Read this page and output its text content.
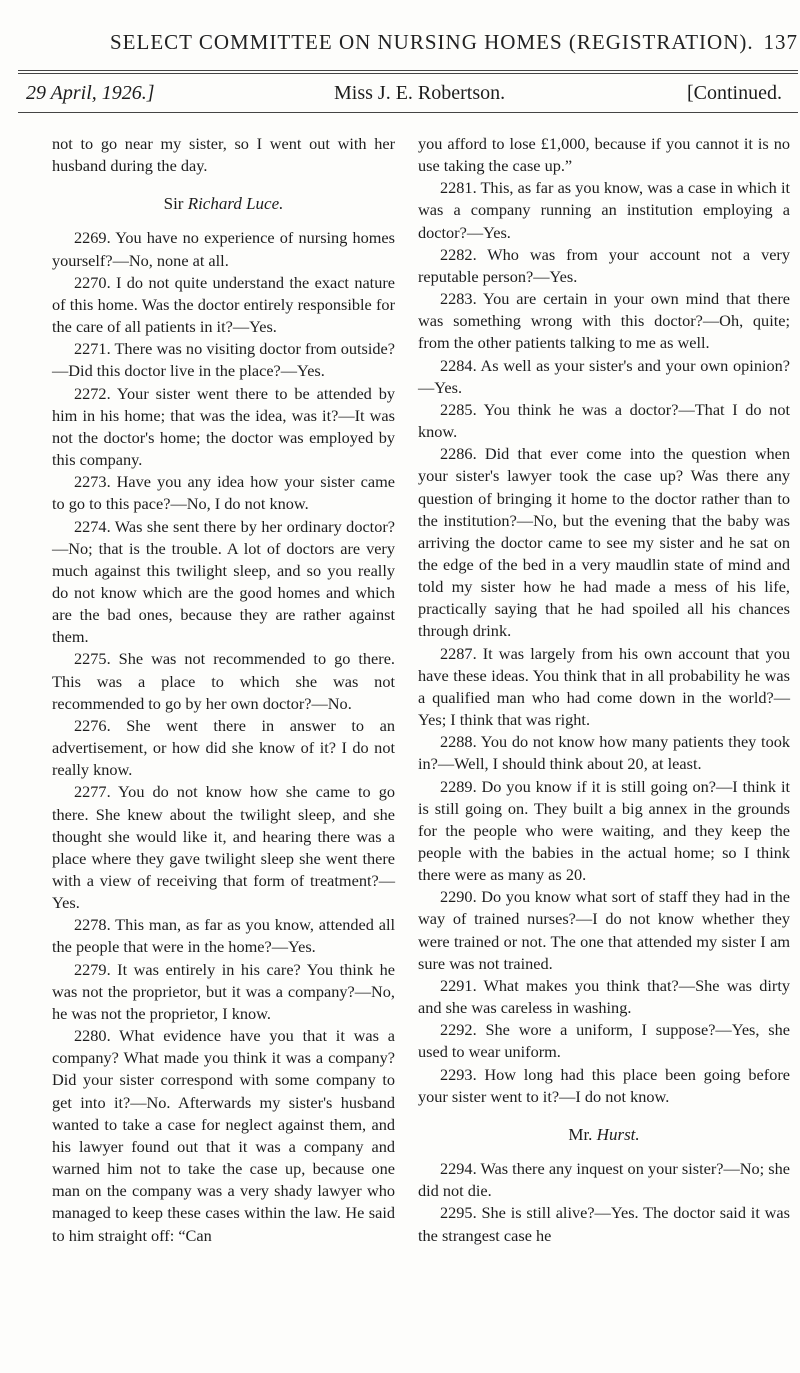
SELECT COMMITTEE ON NURSING HOMES (REGISTRATION). 137
29 April, 1926.]	Miss J. E. Robertson.	[Continued.

not to go near my sister, so I went out with her husband during the day.

Sir Richard Luce.

2269. You have no experience of nursing homes yourself?—No, none at all.

2270. I do not quite understand the exact nature of this home. Was the doctor entirely responsible for the care of all patients in it?—Yes.

2271. There was no visiting doctor from outside?—Did this doctor live in the place?—Yes.

2272. Your sister went there to be attended by him in his home; that was the idea, was it?—It was not the doctor's home; the doctor was employed by this company.

2273. Have you any idea how your sister came to go to this pace?—No, I do not know.

2274. Was she sent there by her ordinary doctor?—No; that is the trouble. A lot of doctors are very much against this twilight sleep, and so you really do not know which are the good homes and which are the bad ones, because they are rather against them.

2275. She was not recommended to go there. This was a place to which she was not recommended to go by her own doctor?—No.

2276. She went there in answer to an advertisement, or how did she know of it? I do not really know.

2277. You do not know how she came to go there. She knew about the twilight sleep, and she thought she would like it, and hearing there was a place where they gave twilight sleep she went there with a view of receiving that form of treatment?—Yes.

2278. This man, as far as you know, attended all the people that were in the home?—Yes.

2279. It was entirely in his care? You think he was not the proprietor, but it was a company?—No, he was not the proprietor, I know.

2280. What evidence have you that it was a company? What made you think it was a company? Did your sister correspond with some company to get into it?—No. Afterwards my sister's husband wanted to take a case for neglect against them, and his lawyer found out that it was a company and warned him not to take the case up, because one man on the company was a very shady lawyer who managed to keep these cases within the law. He said to him straight off: “Can

you afford to lose £1,000, because if you cannot it is no use taking the case up.”

2281. This, as far as you know, was a case in which it was a company running an institution employing a doctor?—Yes.

2282. Who was from your account not a very reputable person?—Yes.

2283. You are certain in your own mind that there was something wrong with this doctor?—Oh, quite; from the other patients talking to me as well.

2284. As well as your sister's and your own opinion?—Yes.

2285. You think he was a doctor?—That I do not know.

2286. Did that ever come into the question when your sister's lawyer took the case up? Was there any question of bringing it home to the doctor rather than to the institution?—No, but the evening that the baby was arriving the doctor came to see my sister and he sat on the edge of the bed in a very maudlin state of mind and told my sister how he had made a mess of his life, practically saying that he had spoiled all his chances through drink.

2287. It was largely from his own account that you have these ideas. You think that in all probability he was a qualified man who had come down in the world?—Yes; I think that was right.

2288. You do not know how many patients they took in?—Well, I should think about 20, at least.

2289. Do you know if it is still going on?—I think it is still going on. They built a big annex in the grounds for the people who were waiting, and they keep the people with the babies in the actual home; so I think there were as many as 20.

2290. Do you know what sort of staff they had in the way of trained nurses?—I do not know whether they were trained or not. The one that attended my sister I am sure was not trained.

2291. What makes you think that?—She was dirty and she was careless in washing.

2292. She wore a uniform, I suppose?—Yes, she used to wear uniform.

2293. How long had this place been going before your sister went to it?—I do not know.

Mr. Hurst.

2294. Was there any inquest on your sister?—No; she did not die.

2295. She is still alive?—Yes. The doctor said it was the strangest case he
